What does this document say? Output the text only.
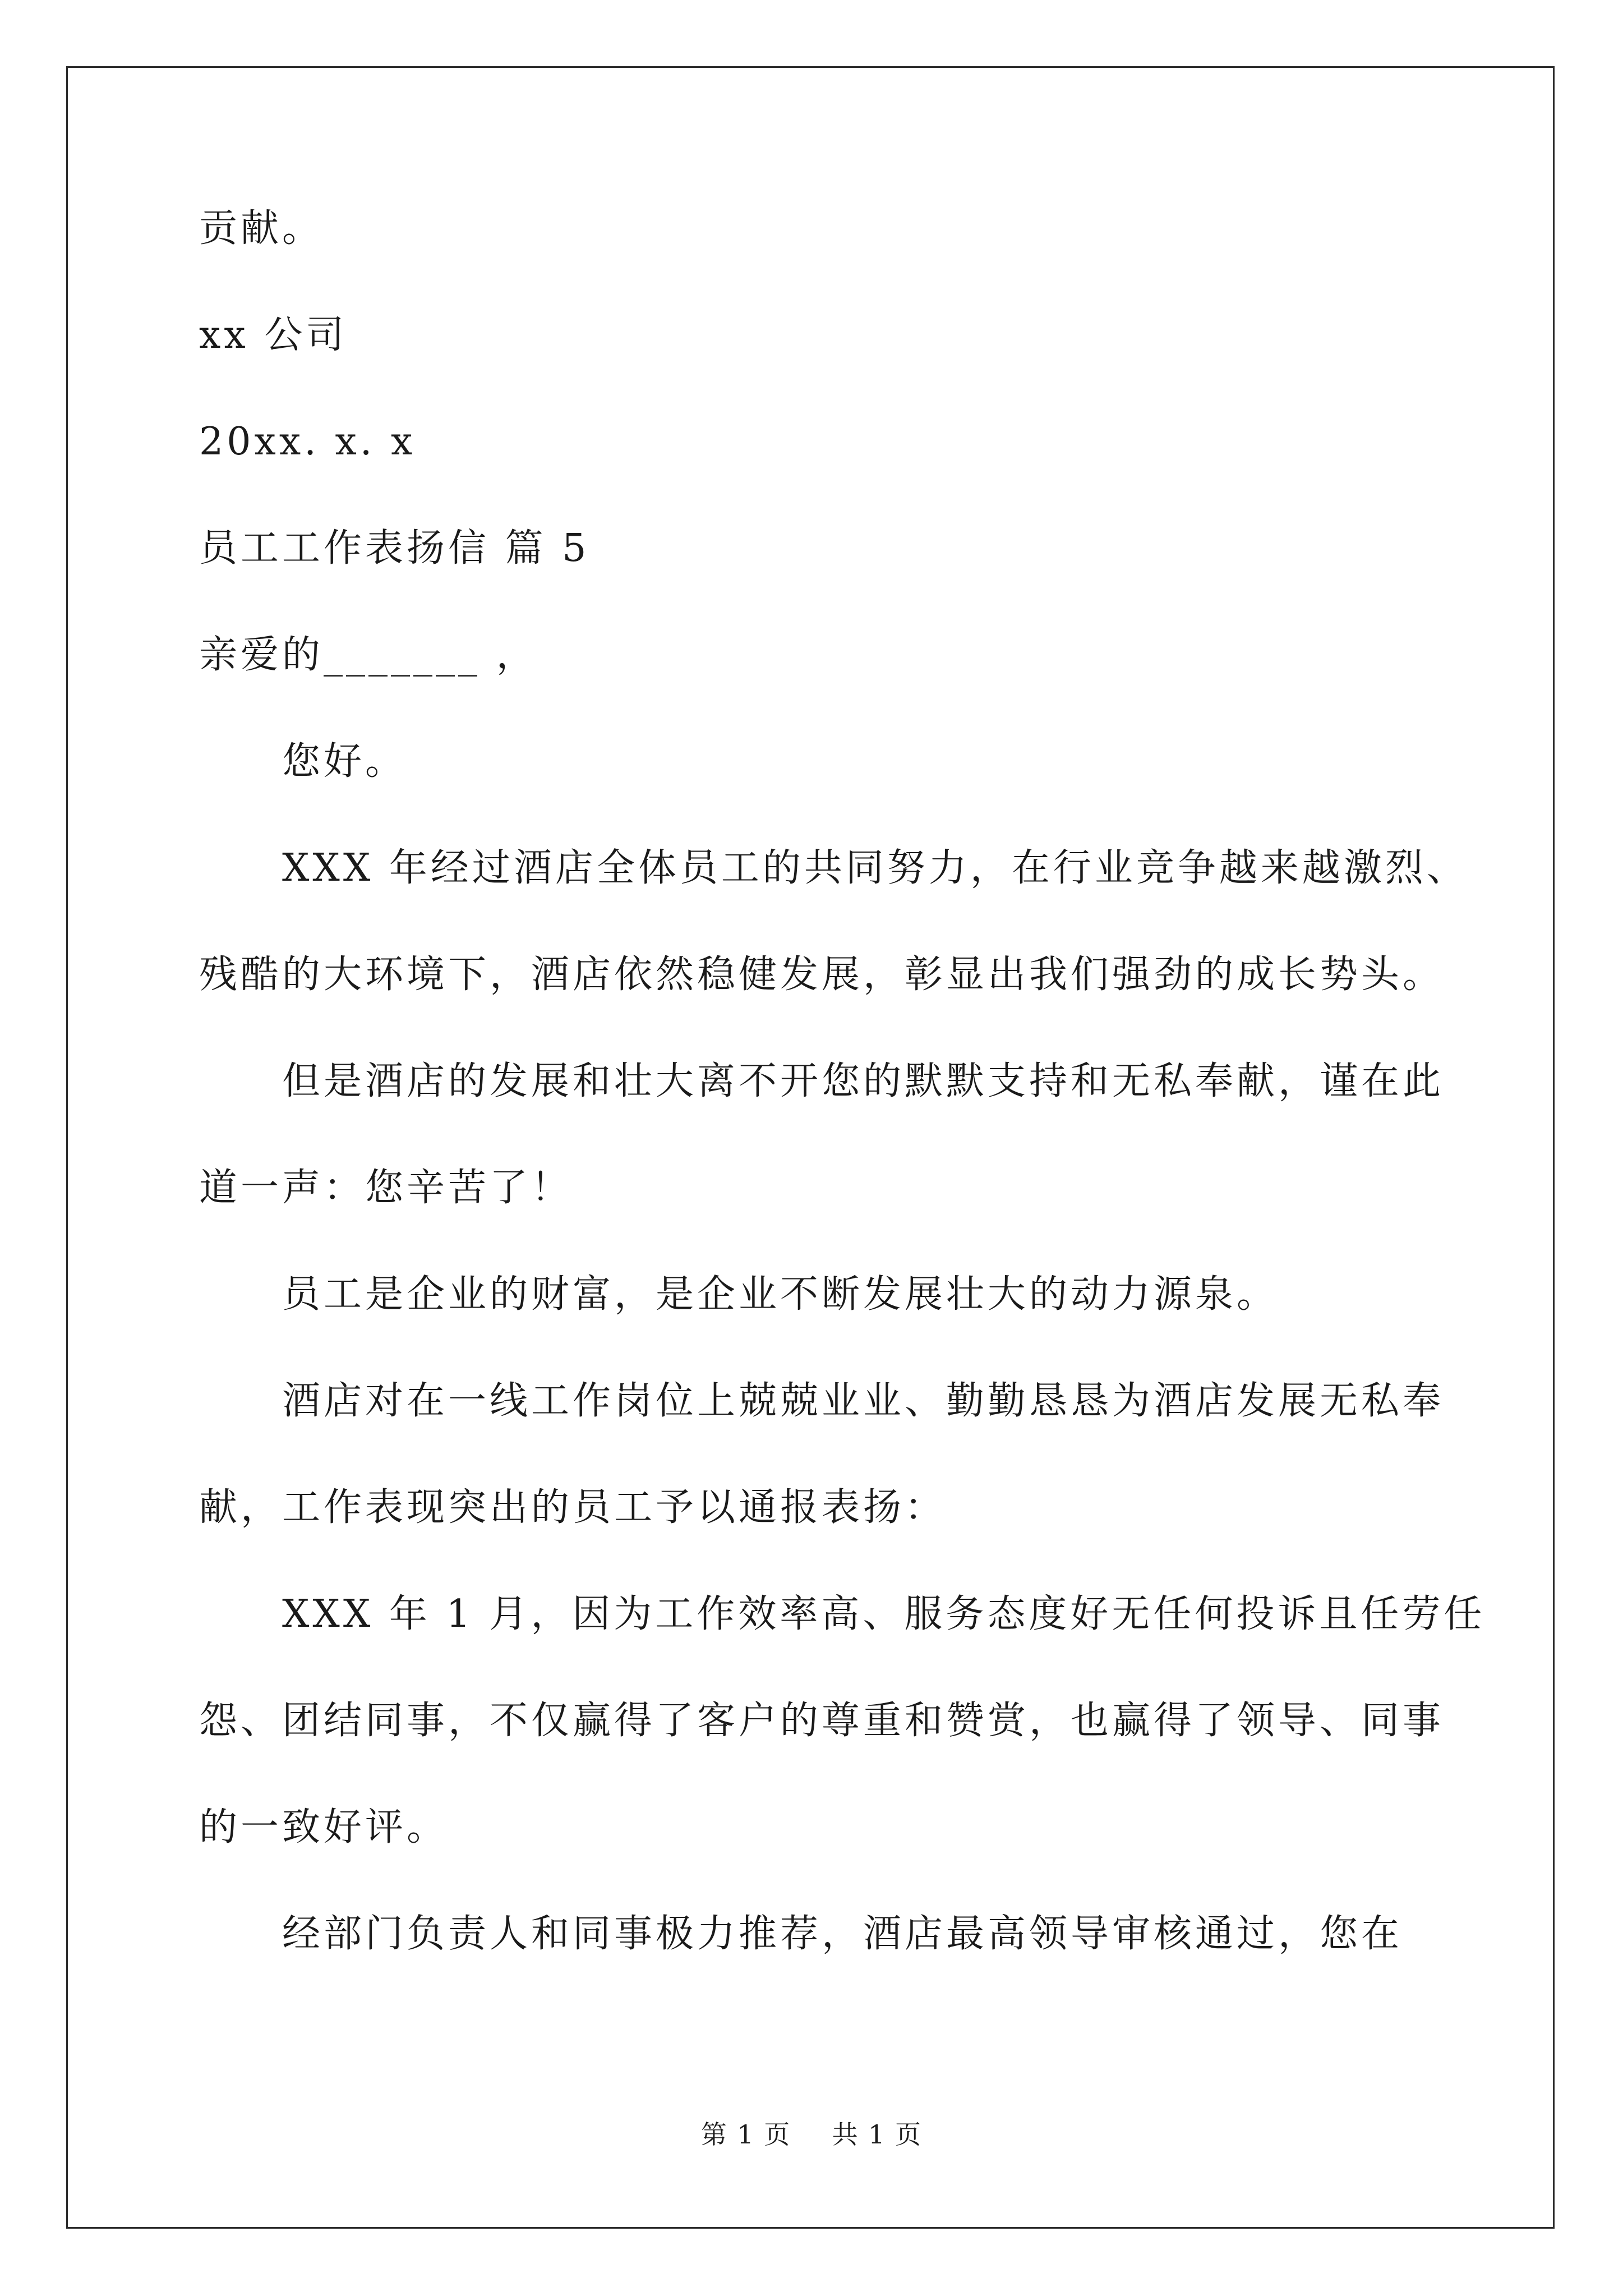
贡献。

xx 公司

20xx. x. x

员工工作表扬信 篇 5

亲爱的_______ ，

您好。

XXX 年经过酒店全体员工的共同努力，在行业竞争越来越激烈、

残酷的大环境下，酒店依然稳健发展，彰显出我们强劲的成长势头。

但是酒店的发展和壮大离不开您的默默支持和无私奉献，谨在此

道一声：您辛苦了！

员工是企业的财富，是企业不断发展壮大的动力源泉。

酒店对在一线工作岗位上兢兢业业、勤勤恳恳为酒店发展无私奉

献，工作表现突出的员工予以通报表扬：

XXX 年 1 月，因为工作效率高、服务态度好无任何投诉且任劳任

怨、团结同事，不仅赢得了客户的尊重和赞赏，也赢得了领导、同事

的一致好评。

经部门负责人和同事极力推荐，酒店最高领导审核通过，您在

第 1 页 共 1 页
